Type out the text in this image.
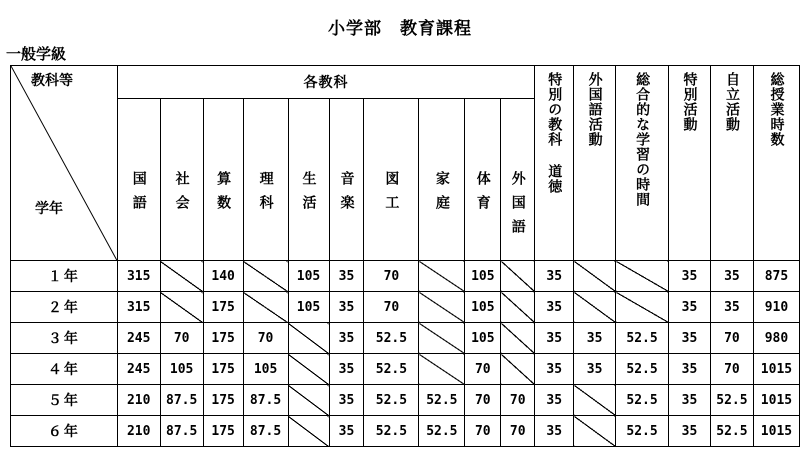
小学部　教育課程
一般学級
教科等
学年	各教科										特別の教科 道徳	外国語活動	総合的な学習の時間	特別活動	自立活動	総授業時数
	国語	社会	算数	理科	生活	音楽	図工	家庭	体育	外国語						
１年	315		140		105	35	70		105		35			35	35	875
２年	315		175		105	35	70		105		35			35	35	910
３年	245	70	175	70		35	52.5		105		35	35	52.5	35	70	980
４年	245	105	175	105		35	52.5		70		35	35	52.5	35	70	1015
５年	210	87.5	175	87.5		35	52.5	52.5	70	70	35		52.5	35	52.5	1015
６年	210	87.5	175	87.5		35	52.5	52.5	70	70	35		52.5	35	52.5	1015
